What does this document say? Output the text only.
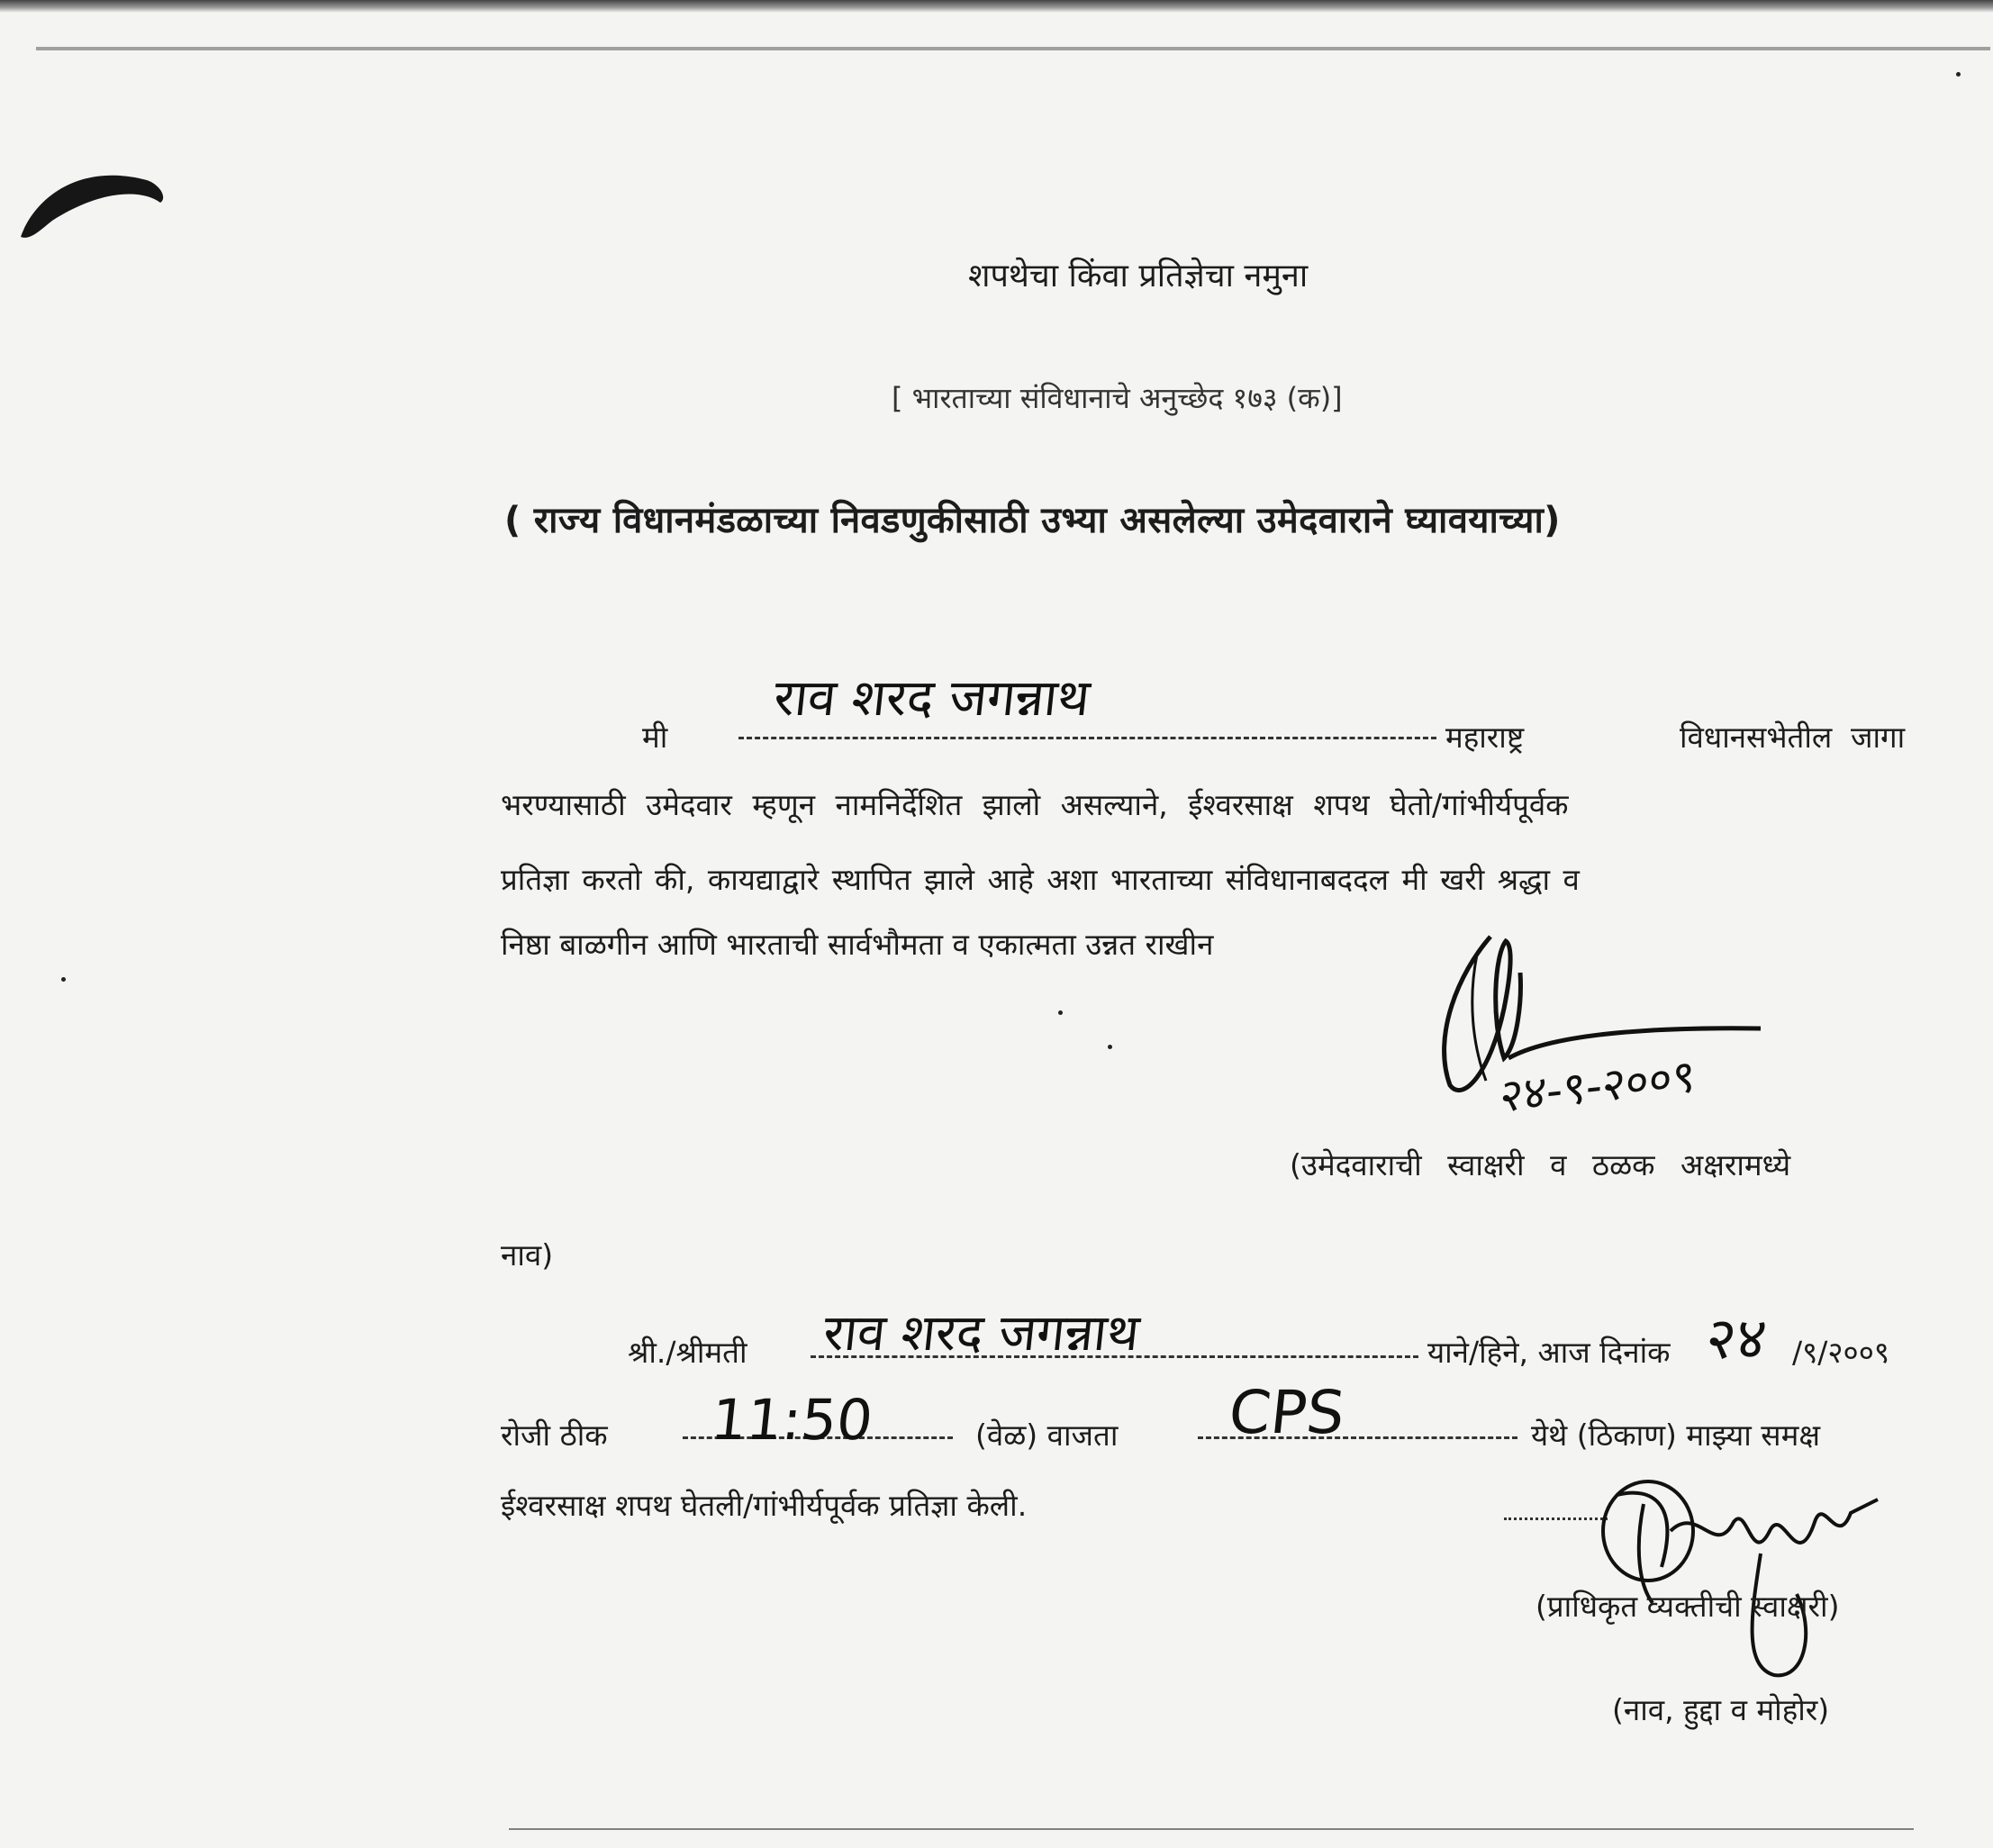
शपथेचा किंवा प्रतिज्ञेचा नमुना
[ भारताच्या संविधानाचे अनुच्छेद १७३ (क)]
( राज्य विधानमंडळाच्या निवडणुकीसाठी उभ्या असलेल्या उमेदवाराने घ्यावयाच्या)
मी
राव शरद जगन्नाथ
महाराष्ट्र	विधानसभेतील जागा
भरण्यासाठी उमेदवार म्हणून नामनिर्देशित झालो असल्याने, ईश्वरसाक्ष शपथ घेतो/गांभीर्यपूर्वक
प्रतिज्ञा करतो की, कायद्याद्वारे स्थापित झाले आहे अशा भारताच्या संविधानाबददल मी खरी श्रद्धा व
निष्ठा बाळगीन आणि भारताची सार्वभौमता व एकात्मता उन्नत राखीन
२४-९-२००९
(उमेदवाराची स्वाक्षरी व ठळक अक्षरामध्ये
नाव)
श्री./श्रीमती राव शरद जगन्नाथ	याने/हिने, आज दिनांक २४ /९/२००९
रोजी ठीक 11:50	(वेळ) वाजता CPS	येथे (ठिकाण) माझ्या समक्ष
ईश्वरसाक्ष शपथ घेतली/गांभीर्यपूर्वक प्रतिज्ञा केली.
(प्राधिकृत व्यक्तीची स्वाक्षरी)
(नाव, हुद्दा व मोहोर)
